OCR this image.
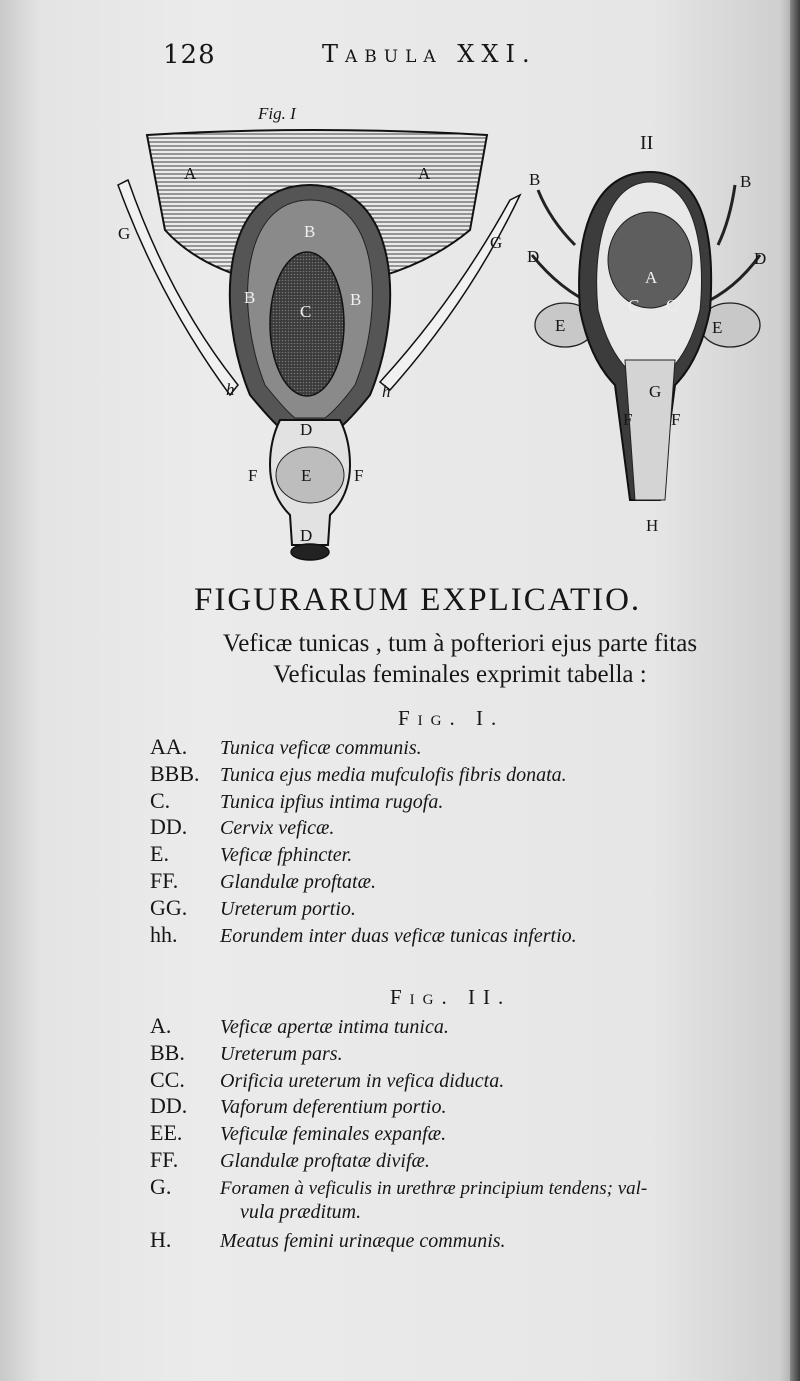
128	Tabula XXI.
Fig. I
A	A
G	G
B
B	B
C
h	h
D
F	E	F
D
II
B	B
D	D
A
C C
E	E
G
F F
H
FIGURARUM EXPLICATIO.
Veficæ tunicas , tum à pofteriori ejus parte fitas
Veficulas feminales exprimit tabella :
Fig. I.
AA.	Tunica veficæ communis.
BBB.	Tunica ejus media mufculofis fibris donata.
C.	Tunica ipfius intima rugofa.
DD.	Cervix veficæ.
E.	Veficæ fphincter.
FF.	Glandulæ proftatæ.
GG.	Ureterum portio.
hh.	Eorundem inter duas veficæ tunicas infertio.
Fig. II.
A.	Veficæ apertæ intima tunica.
BB.	Ureterum pars.
CC.	Orificia ureterum in vefica diducta.
DD.	Vaforum deferentium portio.
EE.	Veficulæ feminales expanfæ.
FF.	Glandulæ proftatæ divifæ.
G.	Foramen à veficulis in urethræ principium tendens; val-
vula præditum.
H.	Meatus femini urinæque communis.
